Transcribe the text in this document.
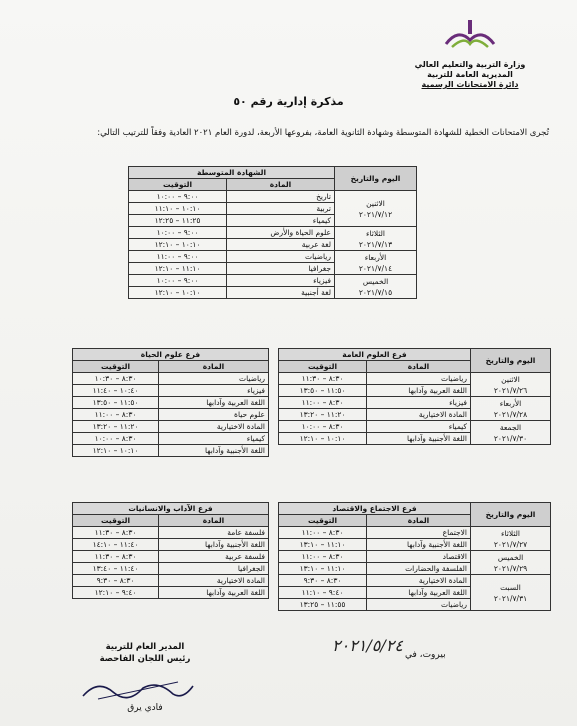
وزارة التربية والتعليم العالي
المديرية العامة للتربية
دائرة الامتحانات الرسمية
مذكرة إدارية رقم ٥٠
تُجرى الامتحانات الخطية للشهادة المتوسطة وشهادة الثانوية العامة، بفروعها الأربعة، لدورة العام ٢٠٢١ العادية وفقاً للترتيب التالي:
اليوم والتاريخ	الشهادة المتوسطة	
	المادة	التوقيت

الاثنين
٢٠٢١/٧/١٢	تاريخ	٩:٠٠ – ١٠:٠٠
	تربية	١٠:١٠ – ١١:١٠
	كيمياء	١١:٢٥ – ١٢:٢٥

الثلاثاء
٢٠٢١/٧/١٣	علوم الحياة والأرض	٩:٠٠ – ١٠:٠٠
	لغة عربية	١٠:١٠ – ١٢:١٠

الأربعاء
٢٠٢١/٧/١٤	رياضيات	٩:٠٠ – ١١:٠٠
	جغرافيا	١١:١٠ – ١٢:١٠

الخميس
٢٠٢١/٧/١٥	فيزياء	٩:٠٠ – ١٠:٠٠
	لغة أجنبية	١٠:١٠ – ١٢:١٠
اليوم والتاريخ	فرع العلوم العامة	
	المادة	التوقيت

الاثنين
٢٠٢١/٧/٢٦	رياضيات	٨:٣٠ – ١١:٣٠
	اللغة العربية وآدابها	١١:٥٠ – ١٣:٥٠

الأربعاء
٢٠٢١/٧/٢٨	فيزياء	٨:٣٠ – ١١:٠٠
	المادة الاختيارية	١١:٢٠ – ١٣:٢٠

الجمعة
٢٠٢١/٧/٣٠	كيمياء	٨:٣٠ – ١٠:٠٠
	اللغة الأجنبية وآدابها	١٠:١٠ – ١٢:١٠
فرع علوم الحياة	
المادة	التوقيت
رياضيات	٨:٣٠ – ١٠:٣٠
فيزياء	١٠:٤٠ – ١١:٤٠
اللغة العربية وآدابها	١١:٥٠ – ١٣:٥٠
علوم حياة	٨:٣٠ – ١١:٠٠
المادة الاختيارية	١١:٢٠ – ١٣:٢٠
كيمياء	٨:٣٠ – ١٠:٠٠
اللغة الأجنبية وآدابها	١٠:١٠ – ١٢:١٠
اليوم والتاريخ	فرع الاجتماع والاقتصاد	
	المادة	التوقيت

الثلاثاء
٢٠٢١/٧/٢٧	الاجتماع	٨:٣٠ – ١١:٠٠
	اللغة الأجنبية وآدابها	١١:١٠ – ١٣:١٠

الخميس
٢٠٢١/٧/٢٩	الاقتصاد	٨:٣٠ – ١١:٠٠
	الفلسفة والحضارات	١١:١٠ – ١٣:١٠

السبت
٢٠٢١/٧/٣١	المادة الاختيارية	٨:٣٠ – ٩:٣٠
	اللغة العربية وآدابها	٩:٤٠ – ١١:١٠
	رياضيات	١١:٥٥ – ١٣:٢٥
فرع الآداب والانسانيات	
المادة	التوقيت
فلسفة عامة	٨:٣٠ – ١١:٣٠
اللغة الأجنبية وآدابها	١١:٤٠ – ١٤:١٠
فلسفة عربية	٨:٣٠ – ١١:٣٠
الجغرافيا	١١:٤٠ – ١٣:٤٠
المادة الاختيارية	٨:٣٠ – ٩:٣٠
اللغة العربية وآدابها	٩:٤٠ – ١٢:١٠
٢٠٢١/٥/٢٤ بيروت، في
المدير العام للتربية
رئيس اللجان الفاحصة
فادي يرق
